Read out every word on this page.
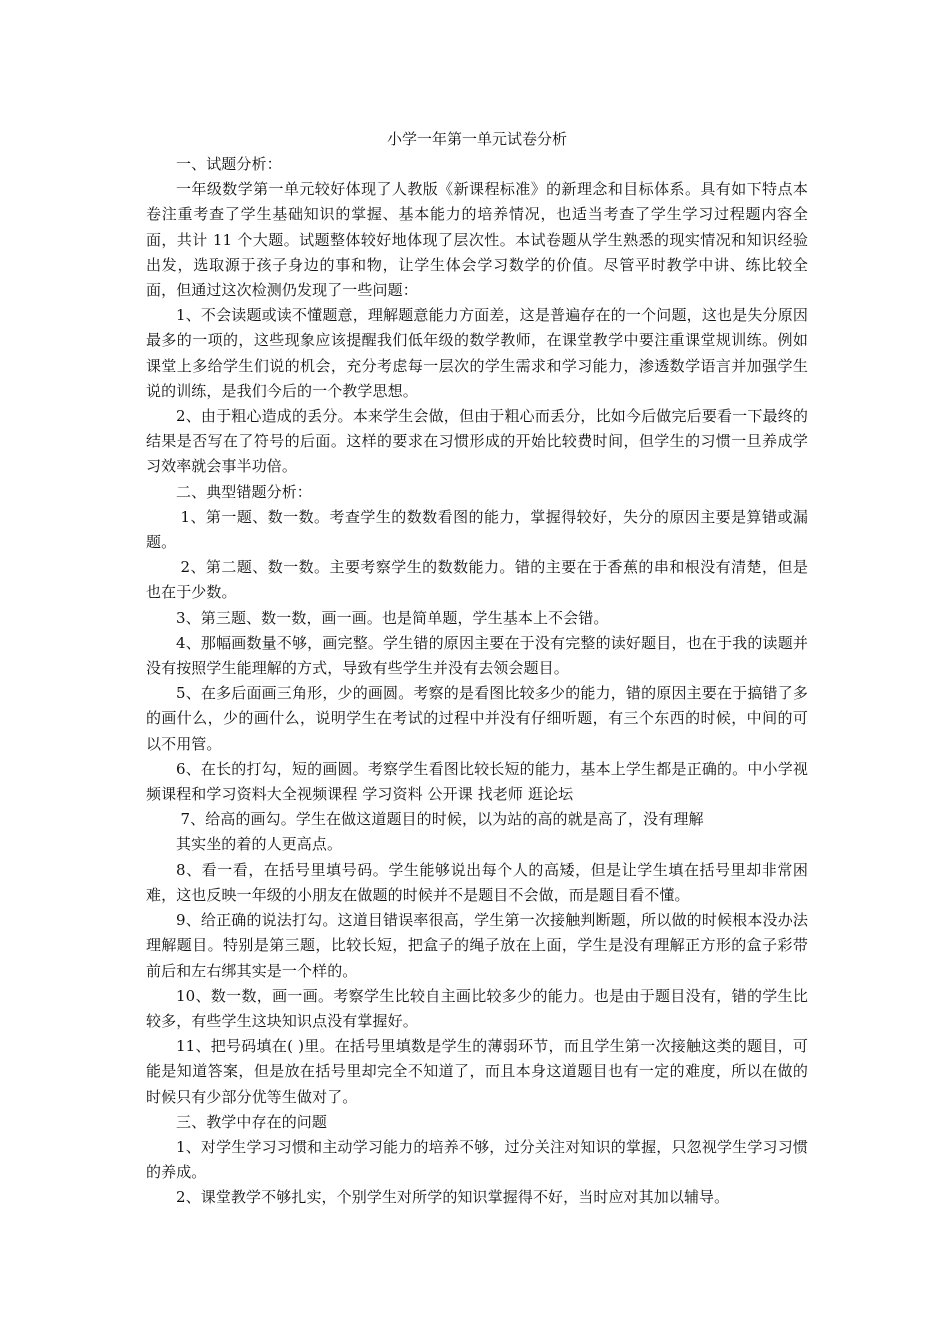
小学一年第一单元试卷分析

一、试题分析：

一年级数学第一单元较好体现了人教版《新课程标准》的新理念和目标体系。具有如下特点本卷注重考查了学生基础知识的掌握、基本能力的培养情况，也适当考查了学生学习过程题内容全面，共计 11 个大题。试题整体较好地体现了层次性。本试卷题从学生熟悉的现实情况和知识经验出发，选取源于孩子身边的事和物，让学生体会学习数学的价值。尽管平时教学中讲、练比较全面，但通过这次检测仍发现了一些问题：

1、不会读题或读不懂题意，理解题意能力方面差，这是普遍存在的一个问题，这也是失分原因最多的一项的，这些现象应该提醒我们低年级的数学教师，在课堂教学中要注重课堂规训练。例如课堂上多给学生们说的机会，充分考虑每一层次的学生需求和学习能力，渗透数学语言并加强学生说的训练，是我们今后的一个教学思想。

2、由于粗心造成的丢分。本来学生会做，但由于粗心而丢分，比如今后做完后要看一下最终的结果是否写在了符号的后面。这样的要求在习惯形成的开始比较费时间，但学生的习惯一旦养成学习效率就会事半功倍。

二、典型错题分析：

1、第一题、数一数。考查学生的数数看图的能力，掌握得较好，失分的原因主要是算错或漏题。

2、第二题、数一数。主要考察学生的数数能力。错的主要在于香蕉的串和根没有清楚，但是也在于少数。

3、第三题、数一数，画一画。也是简单题，学生基本上不会错。

4、那幅画数量不够，画完整。学生错的原因主要在于没有完整的读好题目，也在于我的读题并没有按照学生能理解的方式，导致有些学生并没有去领会题目。

5、在多后面画三角形，少的画圆。考察的是看图比较多少的能力，错的原因主要在于搞错了多的画什么，少的画什么，说明学生在考试的过程中并没有仔细听题，有三个东西的时候，中间的可以不用管。

6、在长的打勾，短的画圆。考察学生看图比较长短的能力，基本上学生都是正确的。中小学视频课程和学习资料大全视频课程 学习资料 公开课 找老师 逛论坛

7、给高的画勾。学生在做这道题目的时候，以为站的高的就是高了，没有理解

其实坐的着的人更高点。

8、看一看，在括号里填号码。学生能够说出每个人的高矮，但是让学生填在括号里却非常困难，这也反映一年级的小朋友在做题的时候并不是题目不会做，而是题目看不懂。

9、给正确的说法打勾。这道目错误率很高，学生第一次接触判断题，所以做的时候根本没办法理解题目。特别是第三题，比较长短，把盒子的绳子放在上面，学生是没有理解正方形的盒子彩带前后和左右绑其实是一个样的。

10、数一数，画一画。考察学生比较自主画比较多少的能力。也是由于题目没有，错的学生比较多，有些学生这块知识点没有掌握好。

11、把号码填在( )里。在括号里填数是学生的薄弱环节，而且学生第一次接触这类的题目，可能是知道答案，但是放在括号里却完全不知道了，而且本身这道题目也有一定的难度，所以在做的时候只有少部分优等生做对了。

三、教学中存在的问题

1、对学生学习习惯和主动学习能力的培养不够，过分关注对知识的掌握，只忽视学生学习习惯的养成。

2、课堂教学不够扎实，个别学生对所学的知识掌握得不好，当时应对其加以辅导。
